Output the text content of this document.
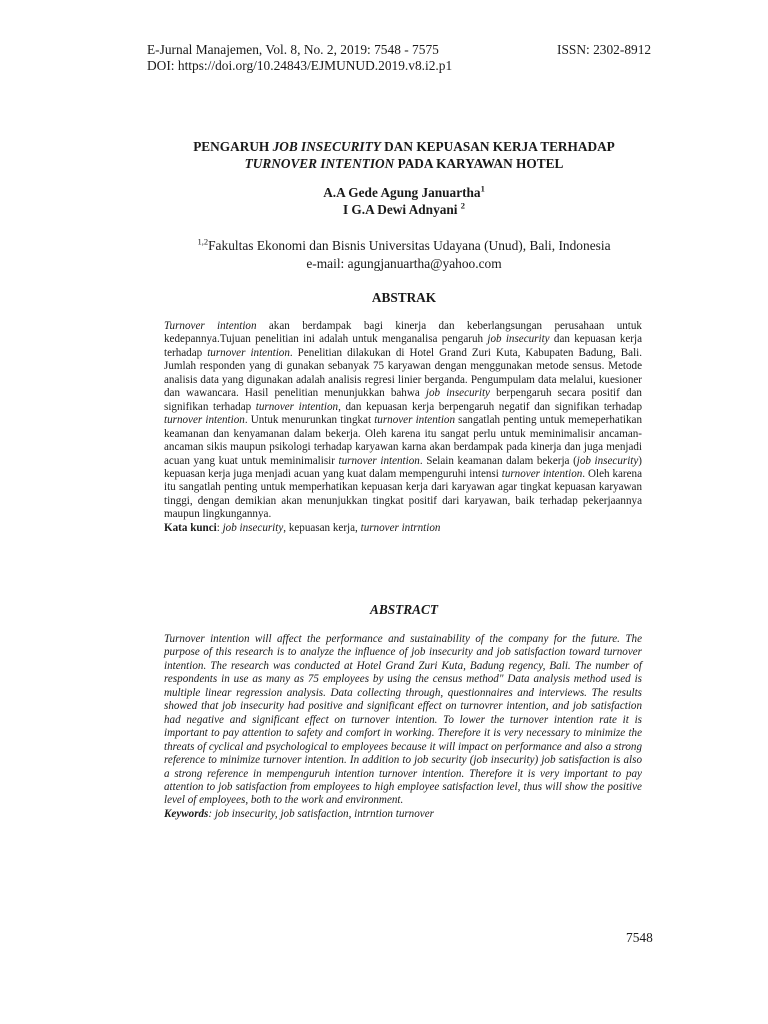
E-Jurnal Manajemen, Vol. 8, No. 2, 2019: 7548 - 7575	ISSN: 2302-8912
DOI: https://doi.org/10.24843/EJMUNUD.2019.v8.i2.p1
PENGARUH JOB INSECURITY DAN KEPUASAN KERJA TERHADAP
TURNOVER INTENTION PADA KARYAWAN HOTEL
A.A Gede Agung Januartha$^1$
I G.A Dewi Adnyani $^2$
$^{1,2}$Fakultas Ekonomi dan Bisnis Universitas Udayana (Unud), Bali, Indonesia
e-mail: agungjanuartha@yahoo.com
ABSTRAK
Turnover intention akan berdampak bagi kinerja dan keberlangsungan perusahaan untuk kedepannya.Tujuan penelitian ini adalah untuk menganalisa pengaruh job insecurity dan kepuasan kerja terhadap turnover intention. Penelitian dilakukan di Hotel Grand Zuri Kuta, Kabupaten Badung, Bali. Jumlah responden yang di gunakan sebanyak 75 karyawan dengan menggunakan metode sensus. Metode analisis data yang digunakan adalah analisis regresi linier berganda. Pengumpulam data melalui, kuesioner dan wawancara. Hasil penelitian menunjukkan bahwa job insecurity berpengaruh secara positif dan signifikan terhadap turnover intention, dan kepuasan kerja berpengaruh negatif dan signifikan terhadap turnover intention. Untuk menurunkan tingkat turnover intention sangatlah penting untuk memeperhatikan keamanan dan kenyamanan dalam bekerja. Oleh karena itu sangat perlu untuk meminimalisir ancaman-ancaman sikis maupun psikologi terhadap karyawan karna akan berdampak pada kinerja dan juga menjadi acuan yang kuat untuk meminimalisir turnover intention. Selain keamanan dalam bekerja (job insecurity) kepuasan kerja juga menjadi acuan yang kuat dalam mempenguruhi intensi turnover intention. Oleh karena itu sangatlah penting untuk memperhatikan kepuasan kerja dari karyawan agar tingkat kepuasan karyawan tinggi, dengan demikian akan menunjukkan tingkat positif dari karyawan, baik terhadap pekerjaannya maupun lingkungannya.
Kata kunci: job insecurity, kepuasan kerja, turnover intrntion
ABSTRACT
Turnover intention will affect the performance and sustainability of the company for the future. The purpose of this research is to analyze the influence of job insecurity and job satisfaction toward turnover intention. The research was conducted at Hotel Grand Zuri Kuta, Badung regency, Bali. The number of respondents in use as many as 75 employees by using the census method" Data analysis method used is multiple linear regression analysis. Data collecting through, questionnaires and interviews. The results showed that job insecurity had positive and significant effect on turnovrer intention, and job satisfaction had negative and significant effect on turnover intention. To lower the turnover intention rate it is important to pay attention to safety and comfort in working. Therefore it is very necessary to minimize the threats of cyclical and psychological to employees because it will impact on performance and also a strong reference to minimize turnover intention. In addition to job security (job insecurity) job satisfaction is also a strong reference in mempenguruh intention turnover intention. Therefore it is very important to pay attention to job satisfaction from employees to high employee satisfaction level, thus will show the positive level of employees, both to the work and environment.
Keywords: job insecurity, job satisfaction, intrntion turnover
7548
